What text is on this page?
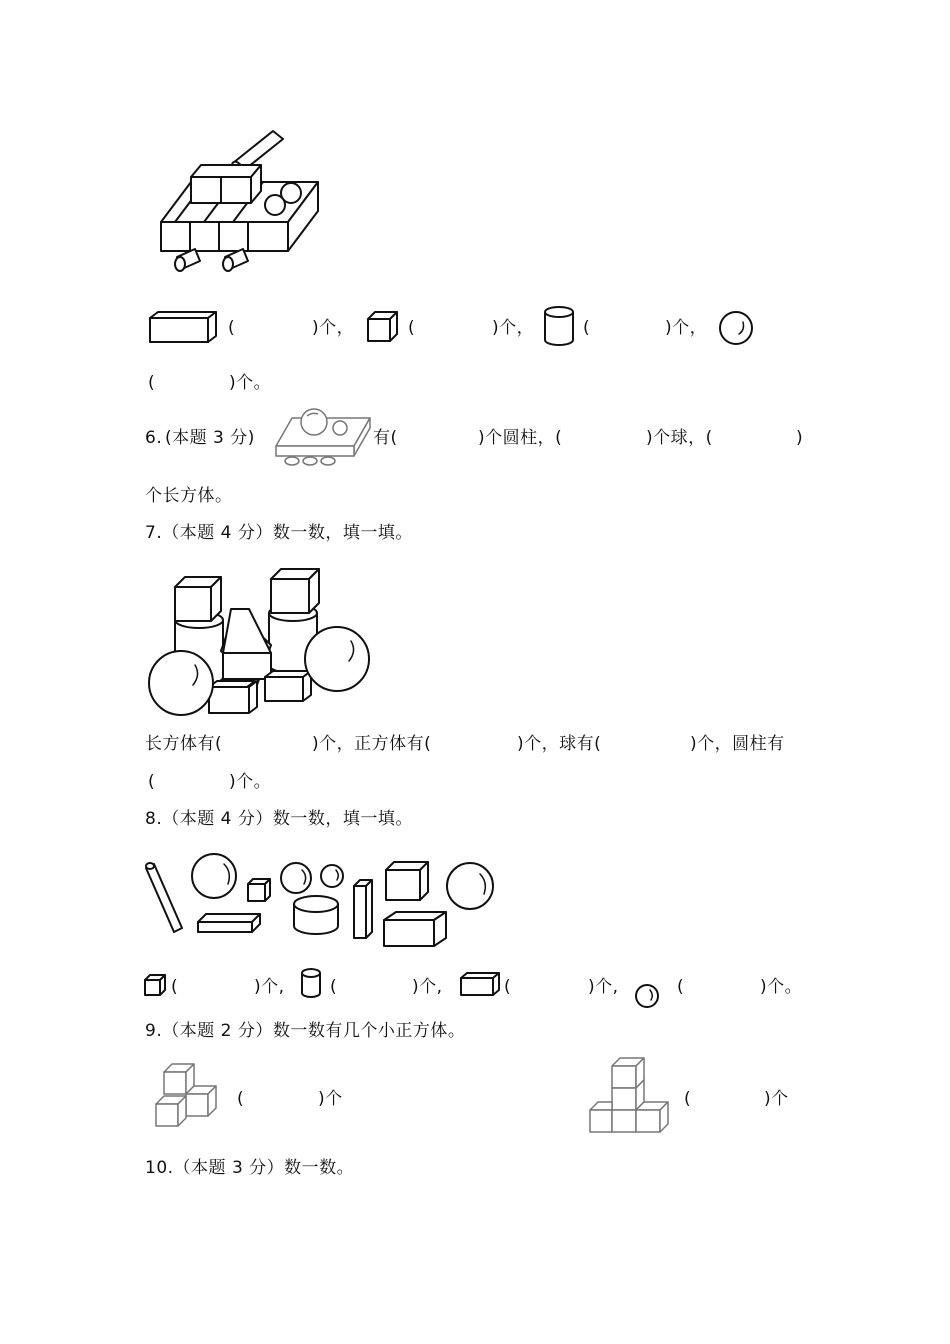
(	)个，	(	)个，	(	)个，
(	)个。
6. (本题 3 分)	有(	)个圆柱，(	)个球，(	)
个长方体。
7.（本题 4 分）数一数，填一填。
长方体有(	)个，正方体有(	)个，球有(	)个，圆柱有
(	)个。
8.（本题 4 分）数一数，填一填。
(	)个,	(	)个,	(	)个,	(	)个。
9.（本题 2 分）数一数有几个小正方体。
(	)个	(	)个
10.（本题 3 分）数一数。
